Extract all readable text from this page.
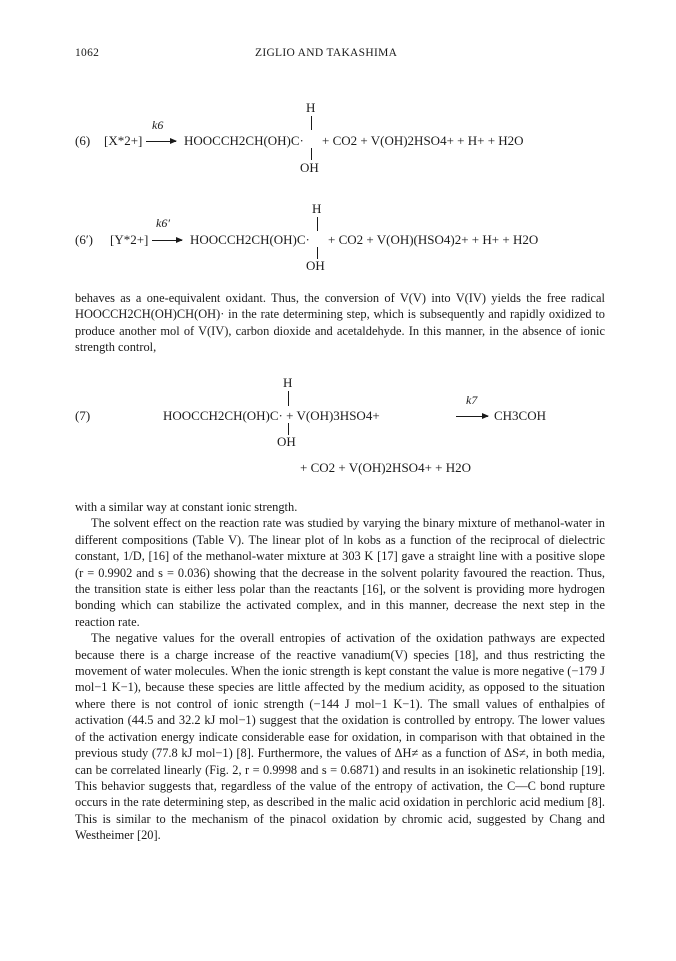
1062	ZIGLIO AND TAKASHIMA
H
(6) [X*2+]
k6
HOOCCH2CH(OH)C· + CO2 + V(OH)2HSO4+ + H+ + H2O
OH
H
(6′) [Y*2+]
k6′
HOOCCH2CH(OH)C· + CO2 + V(OH)(HSO4)2+ + H+ + H2O
OH

behaves as a one-equivalent oxidant. Thus, the conversion of V(V) into V(IV) yields the free radical HOOCCH2CH(OH)CH(OH)· in the rate determining step, which is subsequently and rapidly oxidized to produce another mol of V(IV), carbon dioxide and acetaldehyde. In this manner, in the absence of ionic strength control,

H
(7)	HOOCCH2CH(OH)C· + V(OH)3HSO4+
k7
CH3COH
OH
+ CO2 + V(OH)2HSO4+ + H2O

with a similar way at constant ionic strength.

The solvent effect on the reaction rate was studied by varying the binary mixture of methanol-water in different compositions (Table V). The linear plot of ln kobs as a function of the reciprocal of dielectric constant, 1/D, [16] of the methanol-water mixture at 303 K [17] gave a straight line with a positive slope (r = 0.9902 and s = 0.036) showing that the decrease in the solvent polarity favoured the reaction. Thus, the transition state is either less polar than the reactants [16], or the solvent is providing more hydrogen bonding which can stabilize the activated complex, and in this manner, decrease the next step in the reaction rate.

The negative values for the overall entropies of activation of the oxidation pathways are expected because there is a charge increase of the reactive vanadium(V) species [18], and thus restricting the movement of water molecules. When the ionic strength is kept constant the value is more negative (−179 J mol−1 K−1), because these species are little affected by the medium acidity, as opposed to the situation where there is not control of ionic strength (−144 J mol−1 K−1). The small values of enthalpies of activation (44.5 and 32.2 kJ mol−1) suggest that the oxidation is controlled by entropy. The lower values of the activation energy indicate considerable ease for oxidation, in comparison with that obtained in the previous study (77.8 kJ mol−1) [8]. Furthermore, the values of ΔH≠ as a function of ΔS≠, in both media, can be correlated linearly (Fig. 2, r = 0.9998 and s = 0.6871) and results in an isokinetic relationship [19]. This behavior suggests that, regardless of the value of the entropy of activation, the C—C bond rupture occurs in the rate determining step, as described in the malic acid oxidation in perchloric acid medium [8]. This is similar to the mechanism of the pinacol oxidation by chromic acid, suggested by Chang and Westheimer [20].
